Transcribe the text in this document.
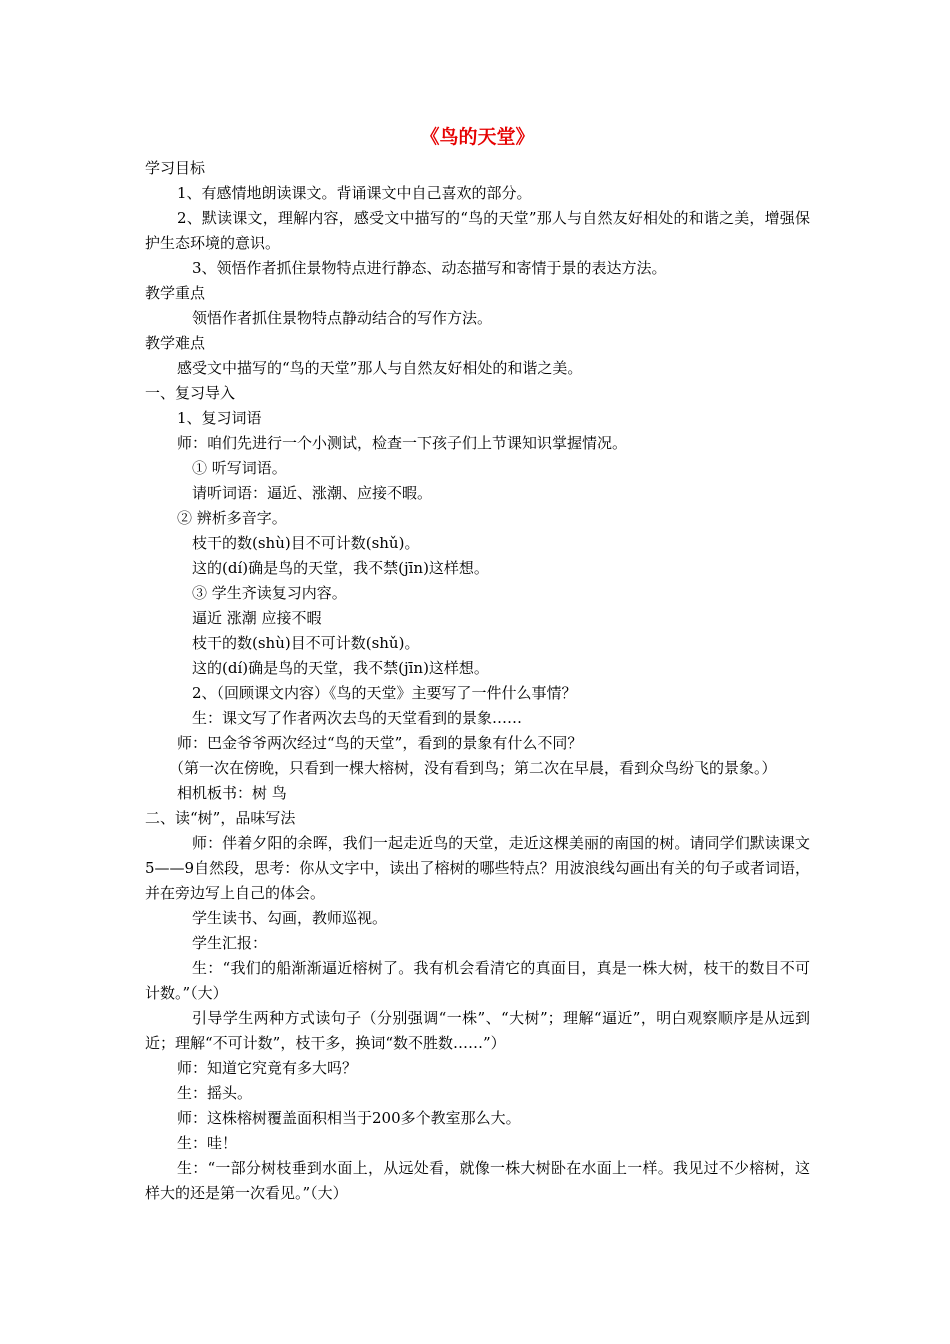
《鸟的天堂》

学习目标

1、有感情地朗读课文。背诵课文中自己喜欢的部分。

2、默读课文，理解内容，感受文中描写的“鸟的天堂”那人与自然友好相处的和谐之美，增强保护生态环境的意识。

3、领悟作者抓住景物特点进行静态、动态描写和寄情于景的表达方法。

教学重点

领悟作者抓住景物特点静动结合的写作方法。

教学难点

感受文中描写的“鸟的天堂”那人与自然友好相处的和谐之美。

一、复习导入

1、复习词语

师：咱们先进行一个小测试，检查一下孩子们上节课知识掌握情况。

① 听写词语。

请听词语：逼近、涨潮、应接不暇。

② 辨析多音字。

枝干的数(shù)目不可计数(shǔ)。

这的(dí)确是鸟的天堂，我不禁(jīn)这样想。

③ 学生齐读复习内容。

逼近 涨潮 应接不暇

枝干的数(shù)目不可计数(shǔ)。

这的(dí)确是鸟的天堂，我不禁(jīn)这样想。

2、（回顾课文内容）《鸟的天堂》主要写了一件什么事情？

生：课文写了作者两次去鸟的天堂看到的景象……

师：巴金爷爷两次经过“鸟的天堂”，看到的景象有什么不同？

（第一次在傍晚，只看到一棵大榕树，没有看到鸟；第二次在早晨，看到众鸟纷飞的景象。）

相机板书：树 鸟

二、读“树”，品味写法

师：伴着夕阳的余晖，我们一起走近鸟的天堂，走近这棵美丽的南国的树。请同学们默读课文5——9自然段，思考：你从文字中，读出了榕树的哪些特点？用波浪线勾画出有关的句子或者词语，并在旁边写上自己的体会。

学生读书、勾画，教师巡视。

学生汇报：

生：“我们的船渐渐逼近榕树了。我有机会看清它的真面目，真是一株大树，枝干的数目不可计数。”（大）

引导学生两种方式读句子（分别强调“一株”、“大树”；理解“逼近”，明白观察顺序是从远到近；理解“不可计数”，枝干多，换词“数不胜数……”）

师：知道它究竟有多大吗？

生：摇头。

师：这株榕树覆盖面积相当于200多个教室那么大。

生：哇！

生：“一部分树枝垂到水面上，从远处看，就像一株大树卧在水面上一样。我见过不少榕树，这样大的还是第一次看见。”（大）
